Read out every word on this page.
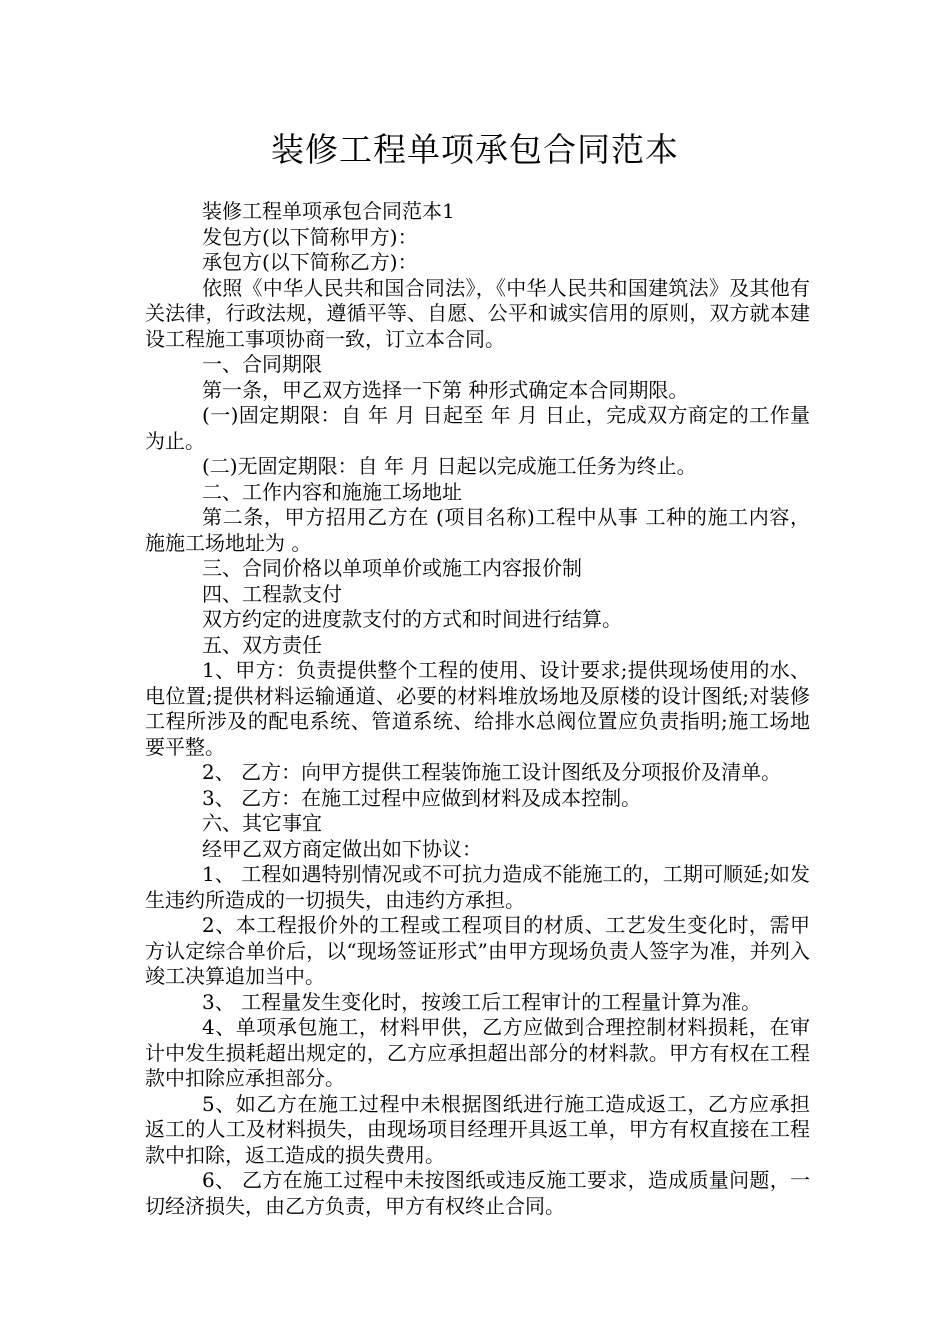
装修工程单项承包合同范本

装修工程单项承包合同范本1

发包方(以下简称甲方)：

承包方(以下简称乙方)：

依照《中华人民共和国合同法》，《中华人民共和国建筑法》及其他有关法律，行政法规，遵循平等、自愿、公平和诚实信用的原则，双方就本建设工程施工事项协商一致，订立本合同。

一、合同期限

第一条，甲乙双方选择一下第 种形式确定本合同期限。

(一)固定期限：自 年 月 日起至 年 月 日止，完成双方商定的工作量为止。

(二)无固定期限：自 年 月 日起以完成施工任务为终止。

二、工作内容和施施工场地址

第二条，甲方招用乙方在 (项目名称)工程中从事 工种的施工内容，施施工场地址为 。

三、合同价格以单项单价或施工内容报价制

四、工程款支付

双方约定的进度款支付的方式和时间进行结算。

五、双方责任

1、甲方：负责提供整个工程的使用、设计要求;提供现场使用的水、电位置;提供材料运输通道、必要的材料堆放场地及原楼的设计图纸;对装修工程所涉及的配电系统、管道系统、给排水总阀位置应负责指明;施工场地要平整。

2、 乙方：向甲方提供工程装饰施工设计图纸及分项报价及清单。

3、 乙方：在施工过程中应做到材料及成本控制。

六、其它事宜

经甲乙双方商定做出如下协议：

1、 工程如遇特别情况或不可抗力造成不能施工的，工期可顺延;如发生违约所造成的一切损失，由违约方承担。

2、本工程报价外的工程或工程项目的材质、工艺发生变化时，需甲方认定综合单价后，以“现场签证形式”由甲方现场负责人签字为准，并列入竣工决算追加当中。

3、 工程量发生变化时，按竣工后工程审计的工程量计算为准。

4、单项承包施工，材料甲供，乙方应做到合理控制材料损耗，在审计中发生损耗超出规定的，乙方应承担超出部分的材料款。甲方有权在工程款中扣除应承担部分。

5、如乙方在施工过程中未根据图纸进行施工造成返工，乙方应承担返工的人工及材料损失，由现场项目经理开具返工单，甲方有权直接在工程款中扣除，返工造成的损失费用。

6、 乙方在施工过程中未按图纸或违反施工要求，造成质量问题，一切经济损失，由乙方负责，甲方有权终止合同。
